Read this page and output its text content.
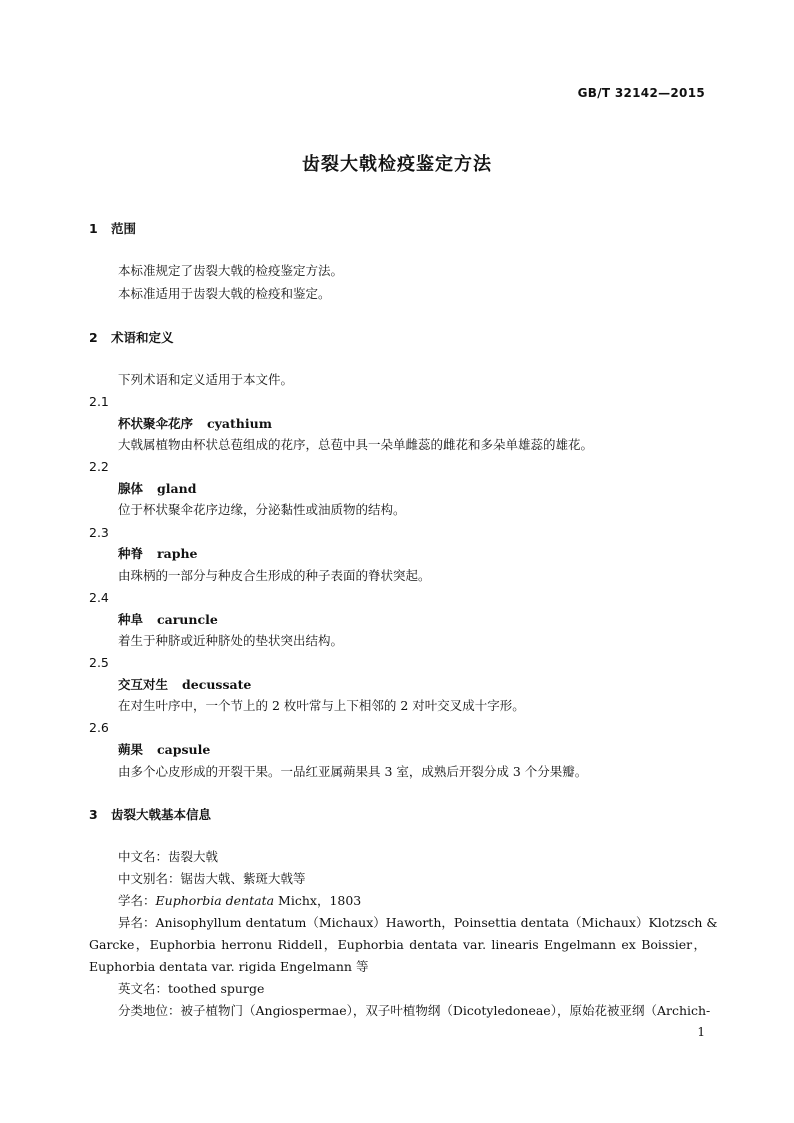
GB/T 32142—2015
齿裂大戟检疫鉴定方法
1 范围
本标准规定了齿裂大戟的检疫鉴定方法。
本标准适用于齿裂大戟的检疫和鉴定。
2 术语和定义
下列术语和定义适用于本文件。
2.1
杯状聚伞花序 cyathium
大戟属植物由杯状总苞组成的花序，总苞中具一朵单雌蕊的雌花和多朵单雄蕊的雄花。
2.2
腺体 gland
位于杯状聚伞花序边缘，分泌黏性或油质物的结构。
2.3
种脊 raphe
由珠柄的一部分与种皮合生形成的种子表面的脊状突起。
2.4
种阜 caruncle
着生于种脐或近种脐处的垫状突出结构。
2.5
交互对生 decussate
在对生叶序中，一个节上的 2 枚叶常与上下相邻的 2 对叶交叉成十字形。
2.6
蒴果 capsule
由多个心皮形成的开裂干果。一品红亚属蒴果具 3 室，成熟后开裂分成 3 个分果瓣。
3 齿裂大戟基本信息
中文名：齿裂大戟
中文别名：锯齿大戟、紫斑大戟等
学名：Euphorbia dentata Michx，1803
异名：Anisophyllum dentatum（Michaux）Haworth，Poinsettia dentata（Michaux）Klotzsch &
Garcke，Euphorbia herronu Riddell，Euphorbia dentata var. linearis Engelmann ex Boissier，
Euphorbia dentata var. rigida Engelmann 等
英文名：toothed spurge
分类地位：被子植物门（Angiospermae），双子叶植物纲（Dicotyledoneae），原始花被亚纲（Archich-
1
